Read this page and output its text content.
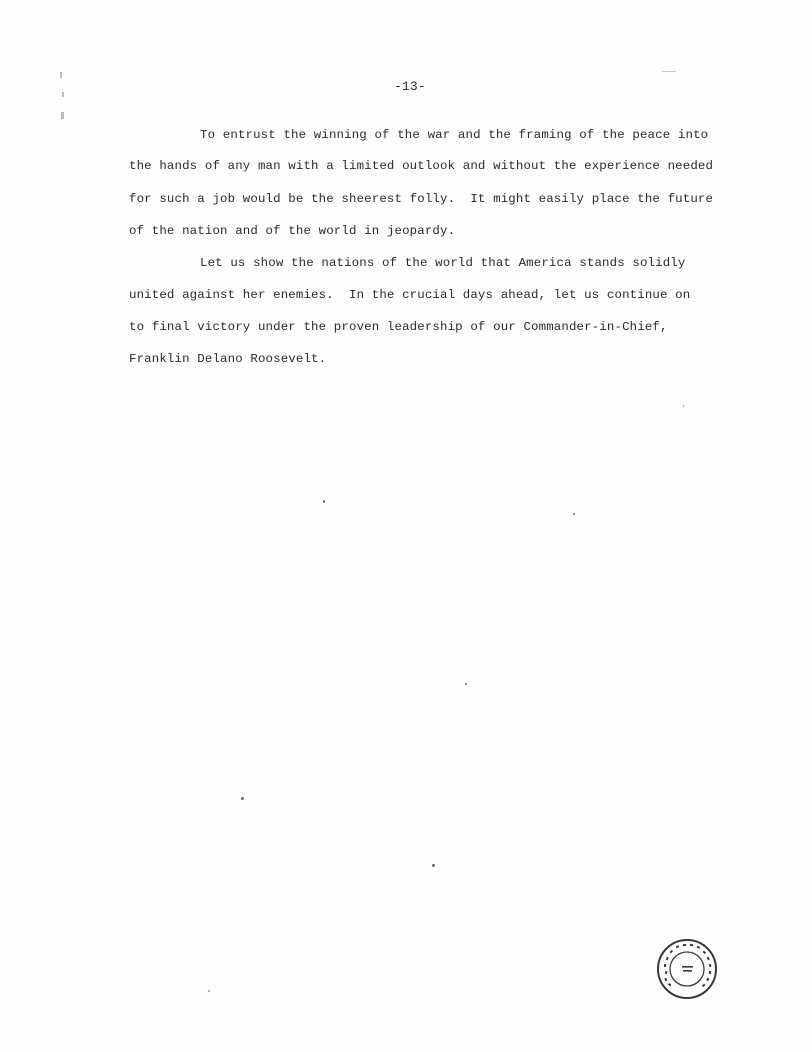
-13-
To entrust the winning of the war and the framing of the peace into
the hands of any man with a limited outlook and without the experience needed
for such a job would be the sheerest folly.  It might easily place the future
of the nation and of the world in jeopardy.
Let us show the nations of the world that America stands solidly
united against her enemies.  In the crucial days ahead, let us continue on
to final victory under the proven leadership of our Commander-in-Chief,
Franklin Delano Roosevelt.
